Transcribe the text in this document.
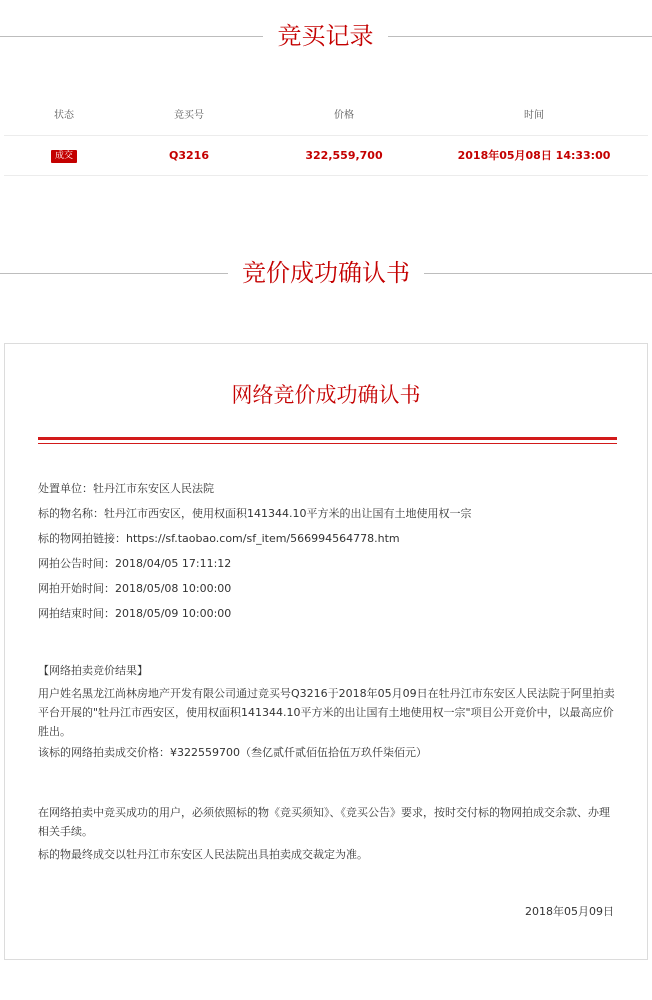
竞买记录
状态	竞买号	价格	时间
成交	Q3216	322,559,700	2018年05月08日 14:33:00
竞价成功确认书
网络竞价成功确认书
处置单位：牡丹江市东安区人民法院
标的物名称：牡丹江市西安区，使用权面积141344.10平方米的出让国有土地使用权一宗
标的物网拍链接：https://sf.taobao.com/sf_item/566994564778.htm
网拍公告时间：2018/04/05 17:11:12
网拍开始时间：2018/05/08 10:00:00
网拍结束时间：2018/05/09 10:00:00
【网络拍卖竞价结果】
用户姓名黑龙江尚林房地产开发有限公司通过竞买号Q3216于2018年05月09日在牡丹江市东安区人民法院于阿里拍卖平台开展的"牡丹江市西安区，使用权面积141344.10平方米的出让国有土地使用权一宗"项目公开竞价中，以最高应价胜出。
该标的网络拍卖成交价格：¥322559700（叁亿贰仟贰佰伍拾伍万玖仟柒佰元）
在网络拍卖中竞买成功的用户，必须依照标的物《竞买须知》、《竞买公告》要求，按时交付标的物网拍成交余款、办理相关手续。
标的物最终成交以牡丹江市东安区人民法院出具拍卖成交裁定为准。
2018年05月09日
